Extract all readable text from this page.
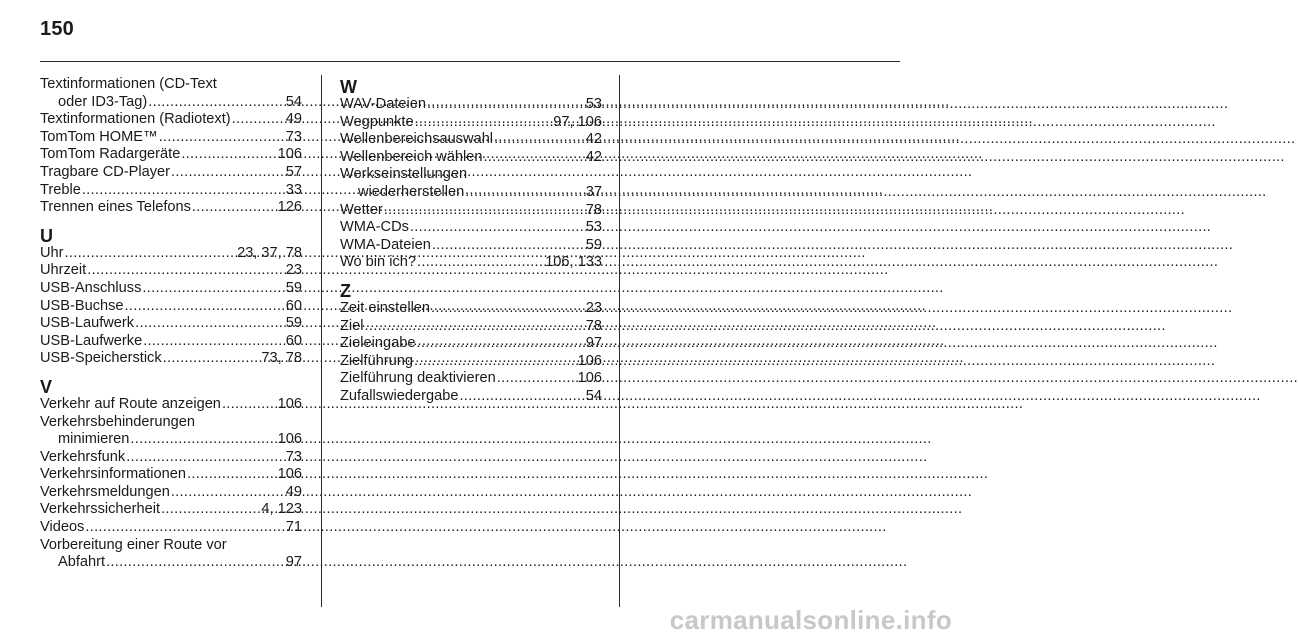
150
Textinformationen (CD-Text
oder ID3-Tag) .....	54
Textinformationen (Radiotext) .....	49
TomTom HOME™ .....	73
TomTom Radargeräte .....	106
Tragbare CD-Player .....	57
Treble .....	33
Trennen eines Telefons .....	126
U
Uhr .....	23, 37, 78
Uhrzeit .....	23
USB-Anschluss .....	59
USB-Buchse .....	60
USB-Laufwerk .....	59
USB-Laufwerke .....	60
USB-Speicherstick .....	73, 78
V
Verkehr auf Route anzeigen .....	106
Verkehrsbehinderungen
minimieren .....	106
Verkehrsfunk .....	73
Verkehrsinformationen .....	106
Verkehrsmeldungen .....	49
Verkehrssicherheit .....	4, 123
Videos .....	71
Vorbereitung einer Route vor
Abfahrt .....	97
W
WAV-Dateien .....	53
Wegpunkte .....	97, 106
Wellenbereichsauswahl .....	42
Wellenbereich wählen .....	42
Werkseinstellungen
wiederherstellen .....	37
Wetter .....	78
WMA-CDs .....	53
WMA-Dateien .....	59
Wo bin ich? .....	106, 133
Z
Zeit einstellen .....	23
Ziel .....	78
Zieleingabe .....	97
Zielführung .....	106
Zielführung deaktivieren .....	106
Zufallswiedergabe .....	54
carmanualsonline.info
